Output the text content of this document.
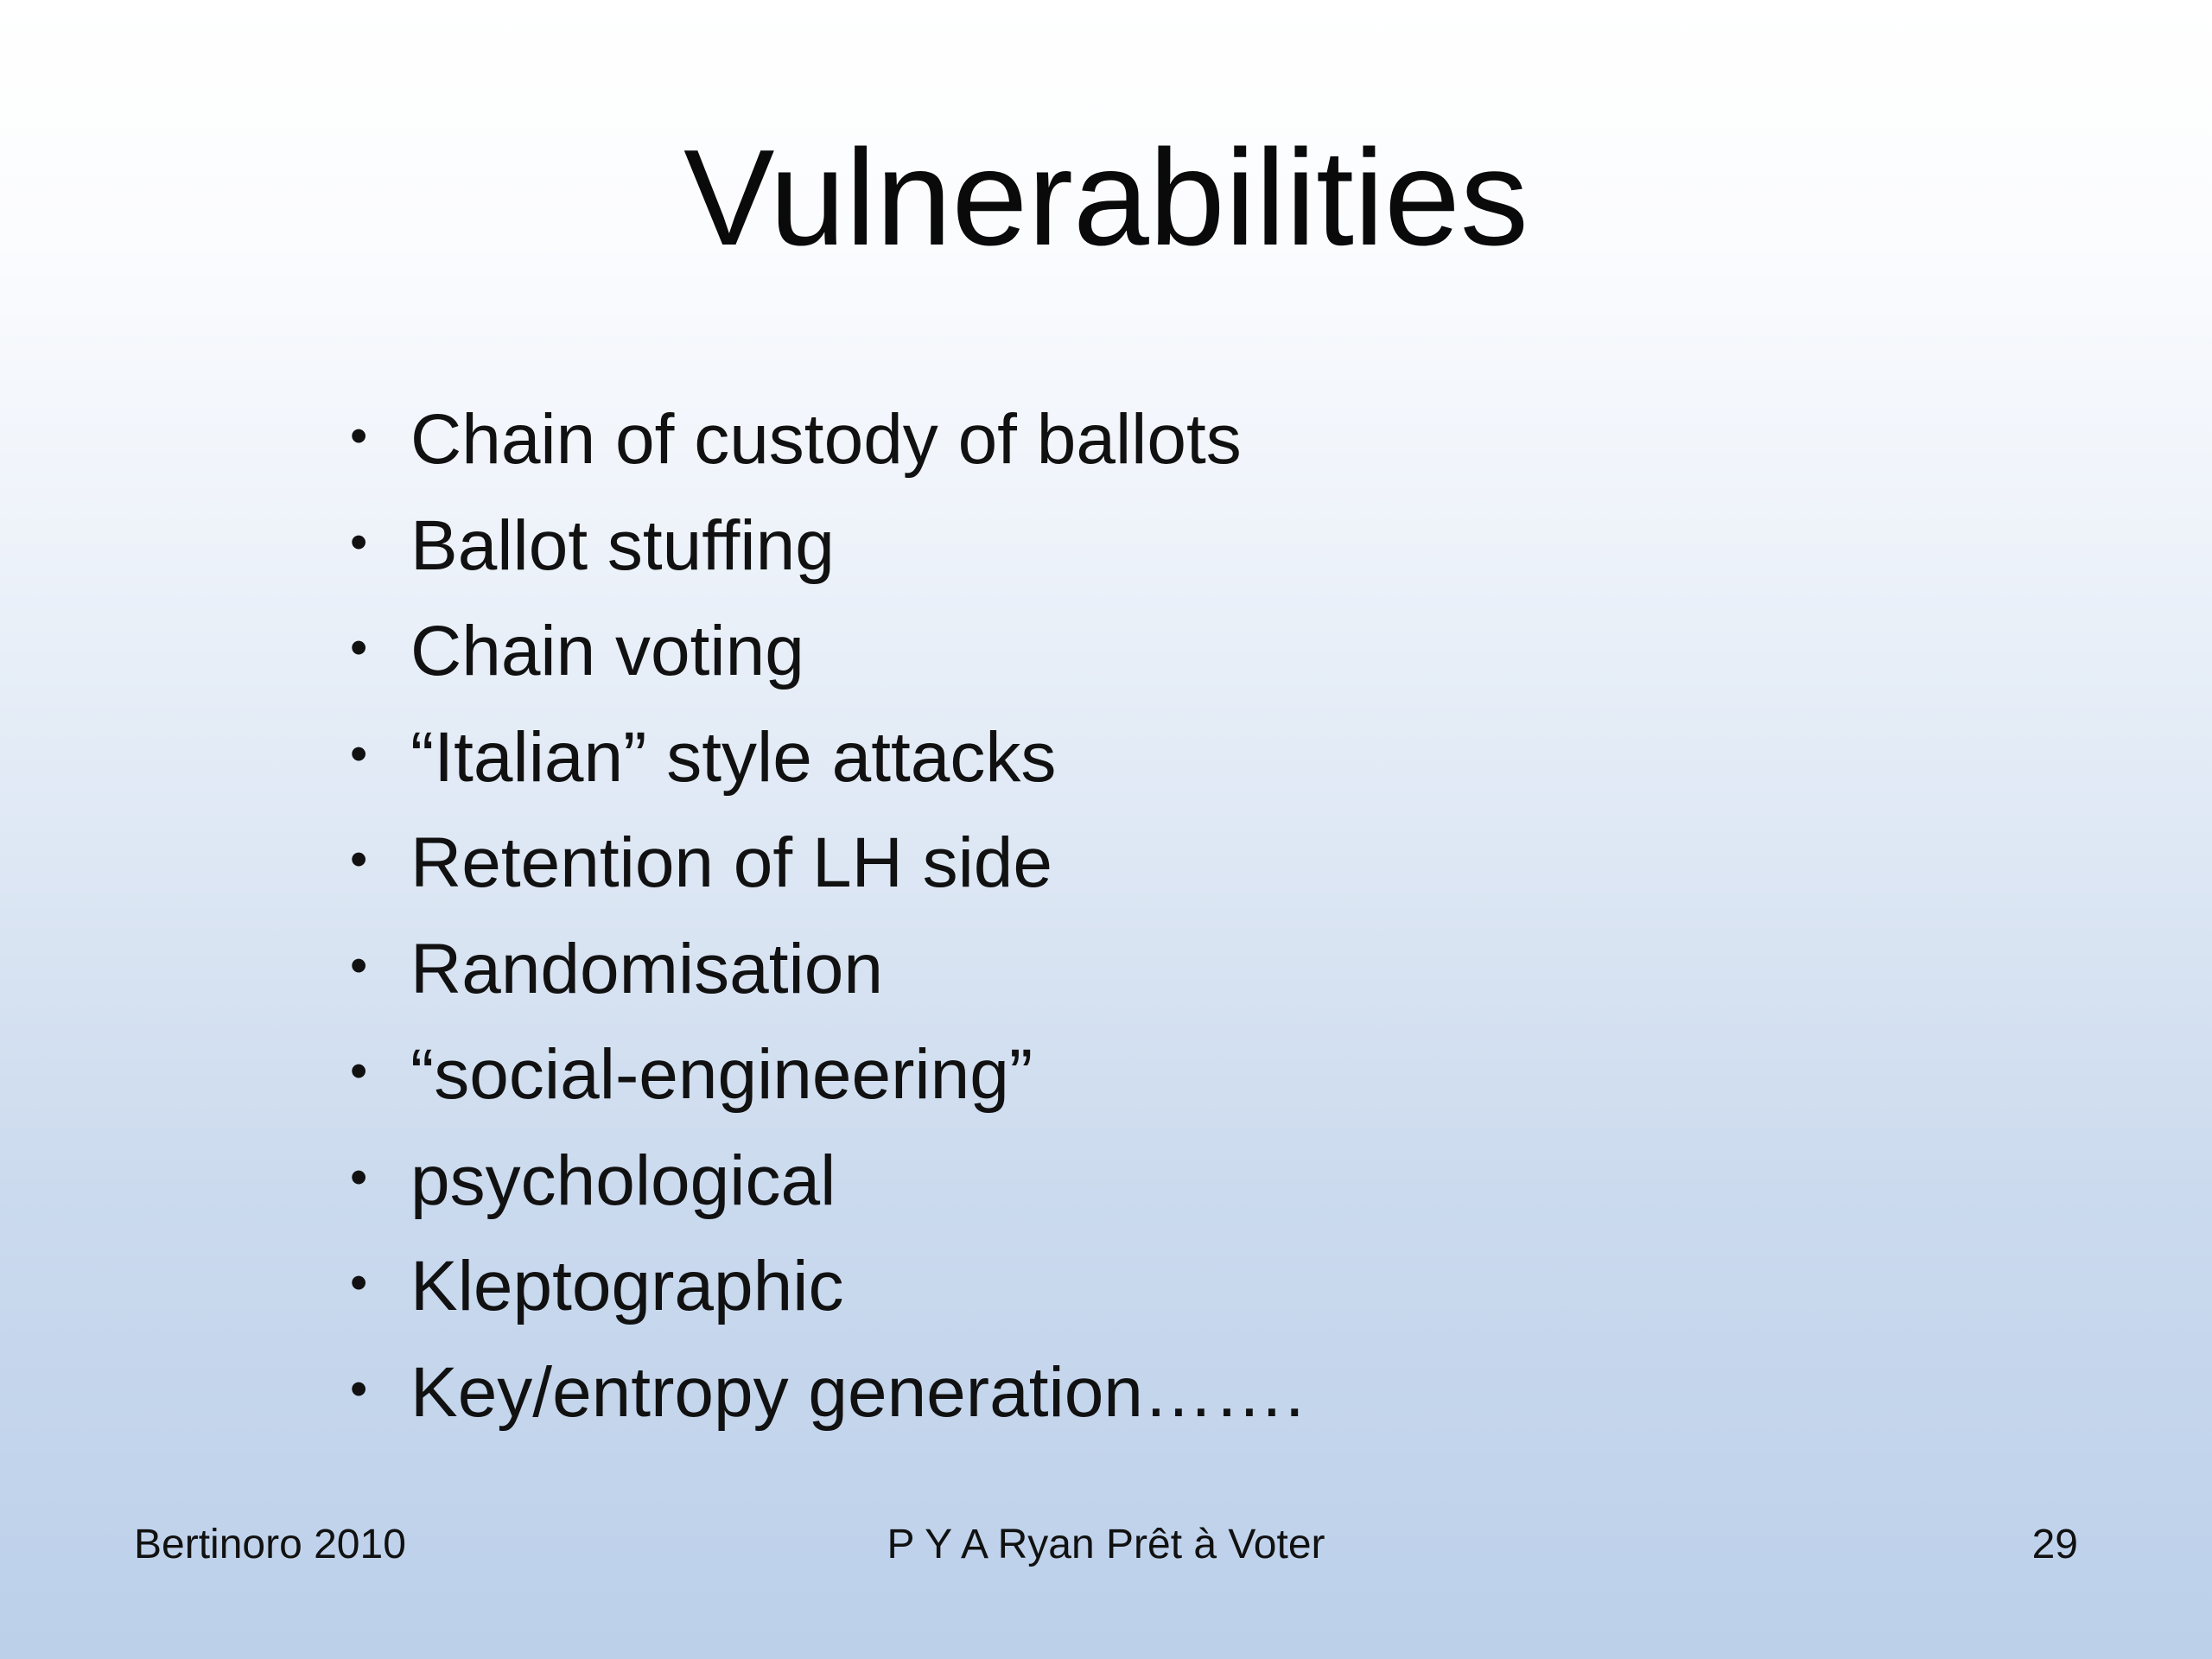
Vulnerabilities
• Chain of custody of ballots
• Ballot stuffing
• Chain voting
• “Italian” style attacks
• Retention of LH side
• Randomisation
• “social-engineering”
• psychological
• Kleptographic
• Key/entropy generation…….
Bertinoro 2010	P Y A Ryan Prêt à Voter	29
